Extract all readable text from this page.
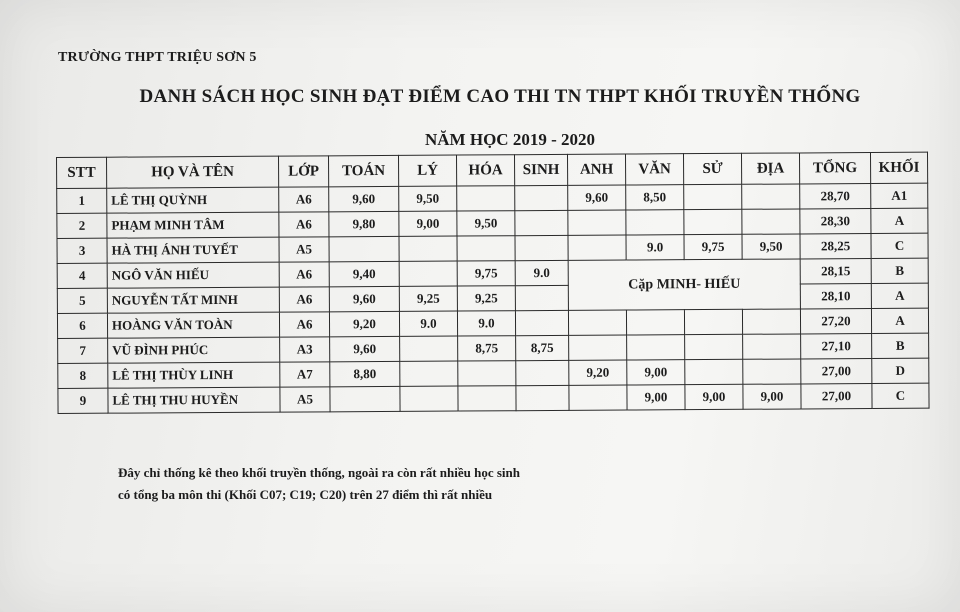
TRƯỜNG THPT TRIỆU SƠN 5
DANH SÁCH HỌC SINH ĐẠT ĐIỂM CAO THI TN THPT KHỐI TRUYỀN THỐNG
NĂM HỌC 2019 - 2020
STT	HỌ VÀ TÊN	LỚP	TOÁN	LÝ	HÓA	SINH	ANH	VĂN	SỬ	ĐỊA	TỔNG	KHỐI
1	LÊ THỊ QUỲNH	A6	9,60	9,50			9,60	8,50			28,70	A1
2	PHẠM MINH TÂM	A6	9,80	9,00	9,50						28,30	A
3	HÀ THỊ ÁNH TUYẾT	A5						9.0	9,75	9,50	28,25	C
4	NGÔ VĂN HIẾU	A6	9,40		9,75	9.0	Cặp MINH- HIẾU				28,15	B
5	NGUYỄN TẤT MINH	A6	9,60	9,25	9,25						28,10	A
6	HOÀNG VĂN TOÀN	A6	9,20	9.0	9.0						27,20	A
7	VŨ ĐÌNH PHÚC	A3	9,60		8,75	8,75					27,10	B
8	LÊ THỊ THÙY LINH	A7	8,80				9,20	9,00			27,00	D
9	LÊ THỊ THU HUYỀN	A5						9,00	9,00	9,00	27,00	C
Đây chỉ thống kê theo khối truyền thống, ngoài ra còn rất nhiều học sinh
có tổng ba môn thi (Khối C07; C19; C20) trên 27 điểm thì rất nhiều
